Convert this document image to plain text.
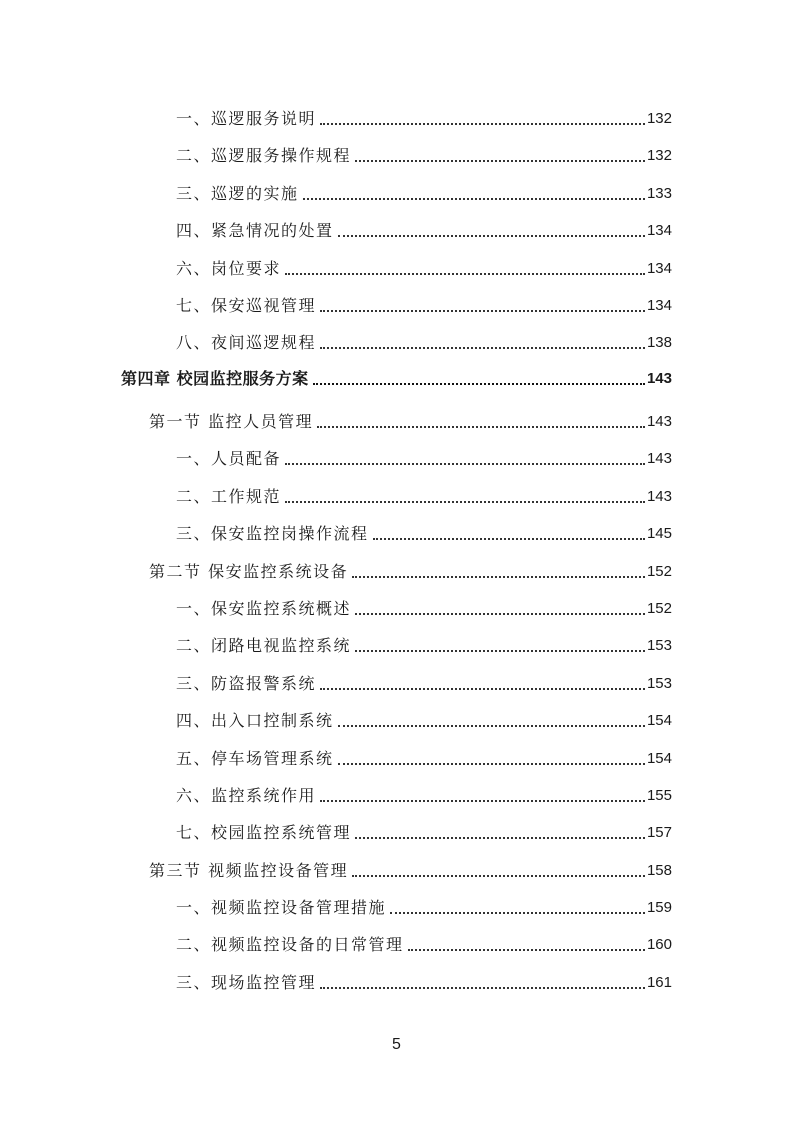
一、巡逻服务说明	132
二、巡逻服务操作规程	132
三、巡逻的实施	133
四、紧急情况的处置	134
六、岗位要求	134
七、保安巡视管理	134
八、夜间巡逻规程	138
第四章 校园监控服务方案	143
第一节 监控人员管理	143
一、人员配备	143
二、工作规范	143
三、保安监控岗操作流程	145
第二节 保安监控系统设备	152
一、保安监控系统概述	152
二、闭路电视监控系统	153
三、防盗报警系统	153
四、出入口控制系统	154
五、停车场管理系统	154
六、监控系统作用	155
七、校园监控系统管理	157
第三节 视频监控设备管理	158
一、视频监控设备管理措施	159
二、视频监控设备的日常管理	160
三、现场监控管理	161
5
